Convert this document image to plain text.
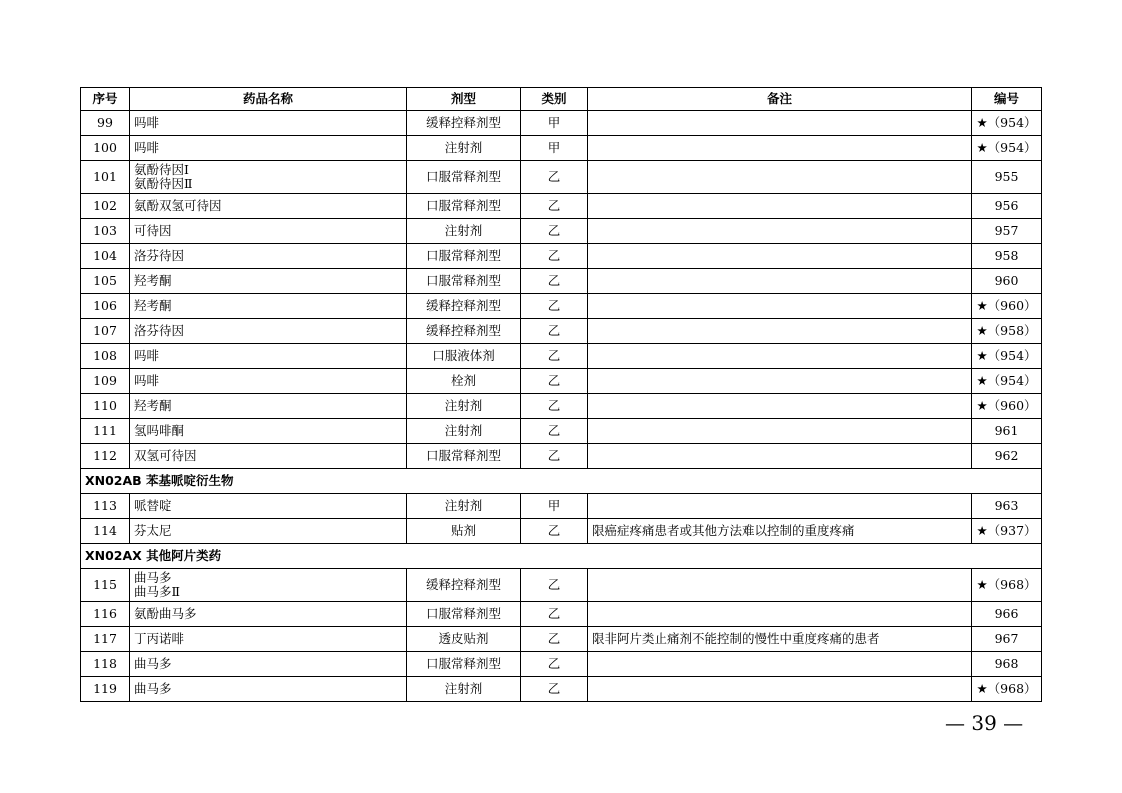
序号	药品名称	剂型	类别	备注	编号
99	吗啡	缓释控释剂型	甲		★（954）
100	吗啡	注射剂	甲		★（954）
101	氨酚待因Ⅰ
氨酚待因Ⅱ	口服常释剂型	乙		955
102	氨酚双氢可待因	口服常释剂型	乙		956
103	可待因	注射剂	乙		957
104	洛芬待因	口服常释剂型	乙		958
105	羟考酮	口服常释剂型	乙		960
106	羟考酮	缓释控释剂型	乙		★（960）
107	洛芬待因	缓释控释剂型	乙		★（958）
108	吗啡	口服液体剂	乙		★（954）
109	吗啡	栓剂	乙		★（954）
110	羟考酮	注射剂	乙		★（960）
111	氢吗啡酮	注射剂	乙		961
112	双氢可待因	口服常释剂型	乙		962
XN02AB 苯基哌啶衍生物					
113	哌替啶	注射剂	甲		963
114	芬太尼	贴剂	乙	限癌症疼痛患者或其他方法难以控制的重度疼痛	★（937）
XN02AX 其他阿片类药					
115	曲马多
曲马多Ⅱ	缓释控释剂型	乙		★（968）
116	氨酚曲马多	口服常释剂型	乙		966
117	丁丙诺啡	透皮贴剂	乙	限非阿片类止痛剂不能控制的慢性中重度疼痛的患者	967
118	曲马多	口服常释剂型	乙		968
119	曲马多	注射剂	乙		★（968）
— 39 —
